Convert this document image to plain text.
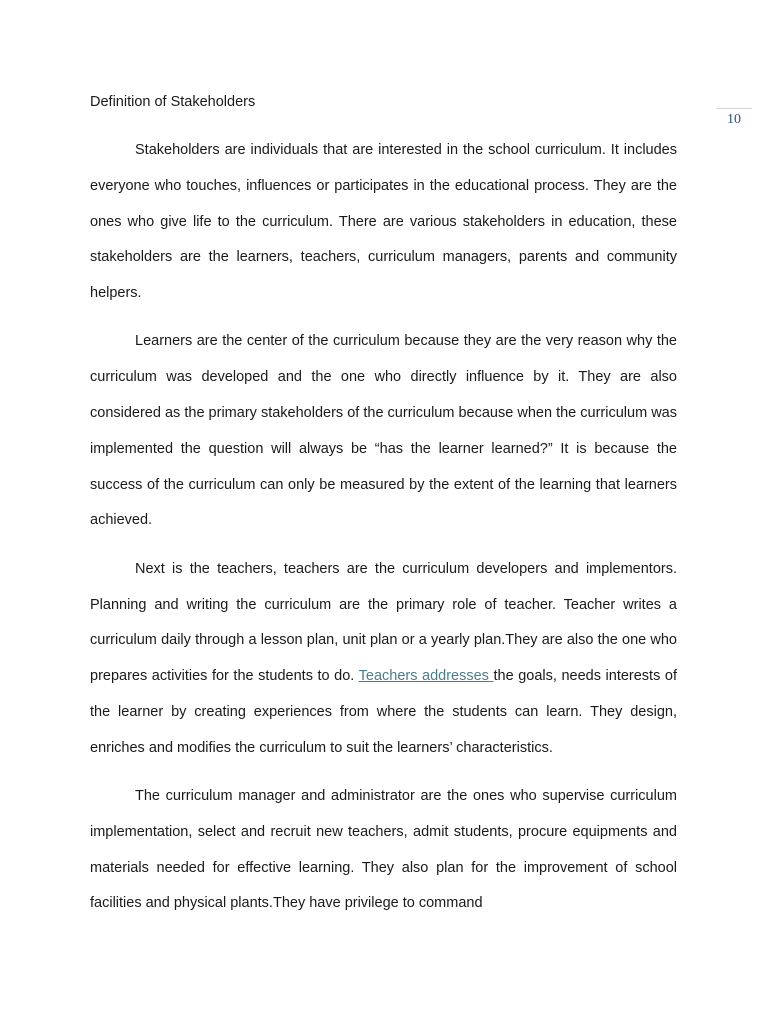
10
Definition of Stakeholders

Stakeholders are individuals that are interested in the school curriculum. It includes everyone who touches, influences or participates in the educational process. They are the ones who give life to the curriculum. There are various stakeholders in education, these stakeholders are the learners, teachers, curriculum managers, parents and community helpers.

Learners are the center of the curriculum because they are the very reason why the curriculum was developed and the one who directly influence by it. They are also considered as the primary stakeholders of the curriculum because when the curriculum was implemented the question will always be “has the learner learned?” It is because the success of the curriculum can only be measured by the extent of the learning that learners achieved.

Next is the teachers, teachers are the curriculum developers and implementors. Planning and writing the curriculum are the primary role of teacher. Teacher writes a curriculum daily through a lesson plan, unit plan or a yearly plan.They are also the one who prepares activities for the students to do. Teachers addresses the goals, needs interests of the learner by creating experiences from where the students can learn. They design, enriches and modifies the curriculum to suit the learners’ characteristics.

The curriculum manager and administrator are the ones who supervise curriculum implementation, select and recruit new teachers, admit students, procure equipments and materials needed for effective learning. They also plan for the improvement of school facilities and physical plants.They have privilege to command
